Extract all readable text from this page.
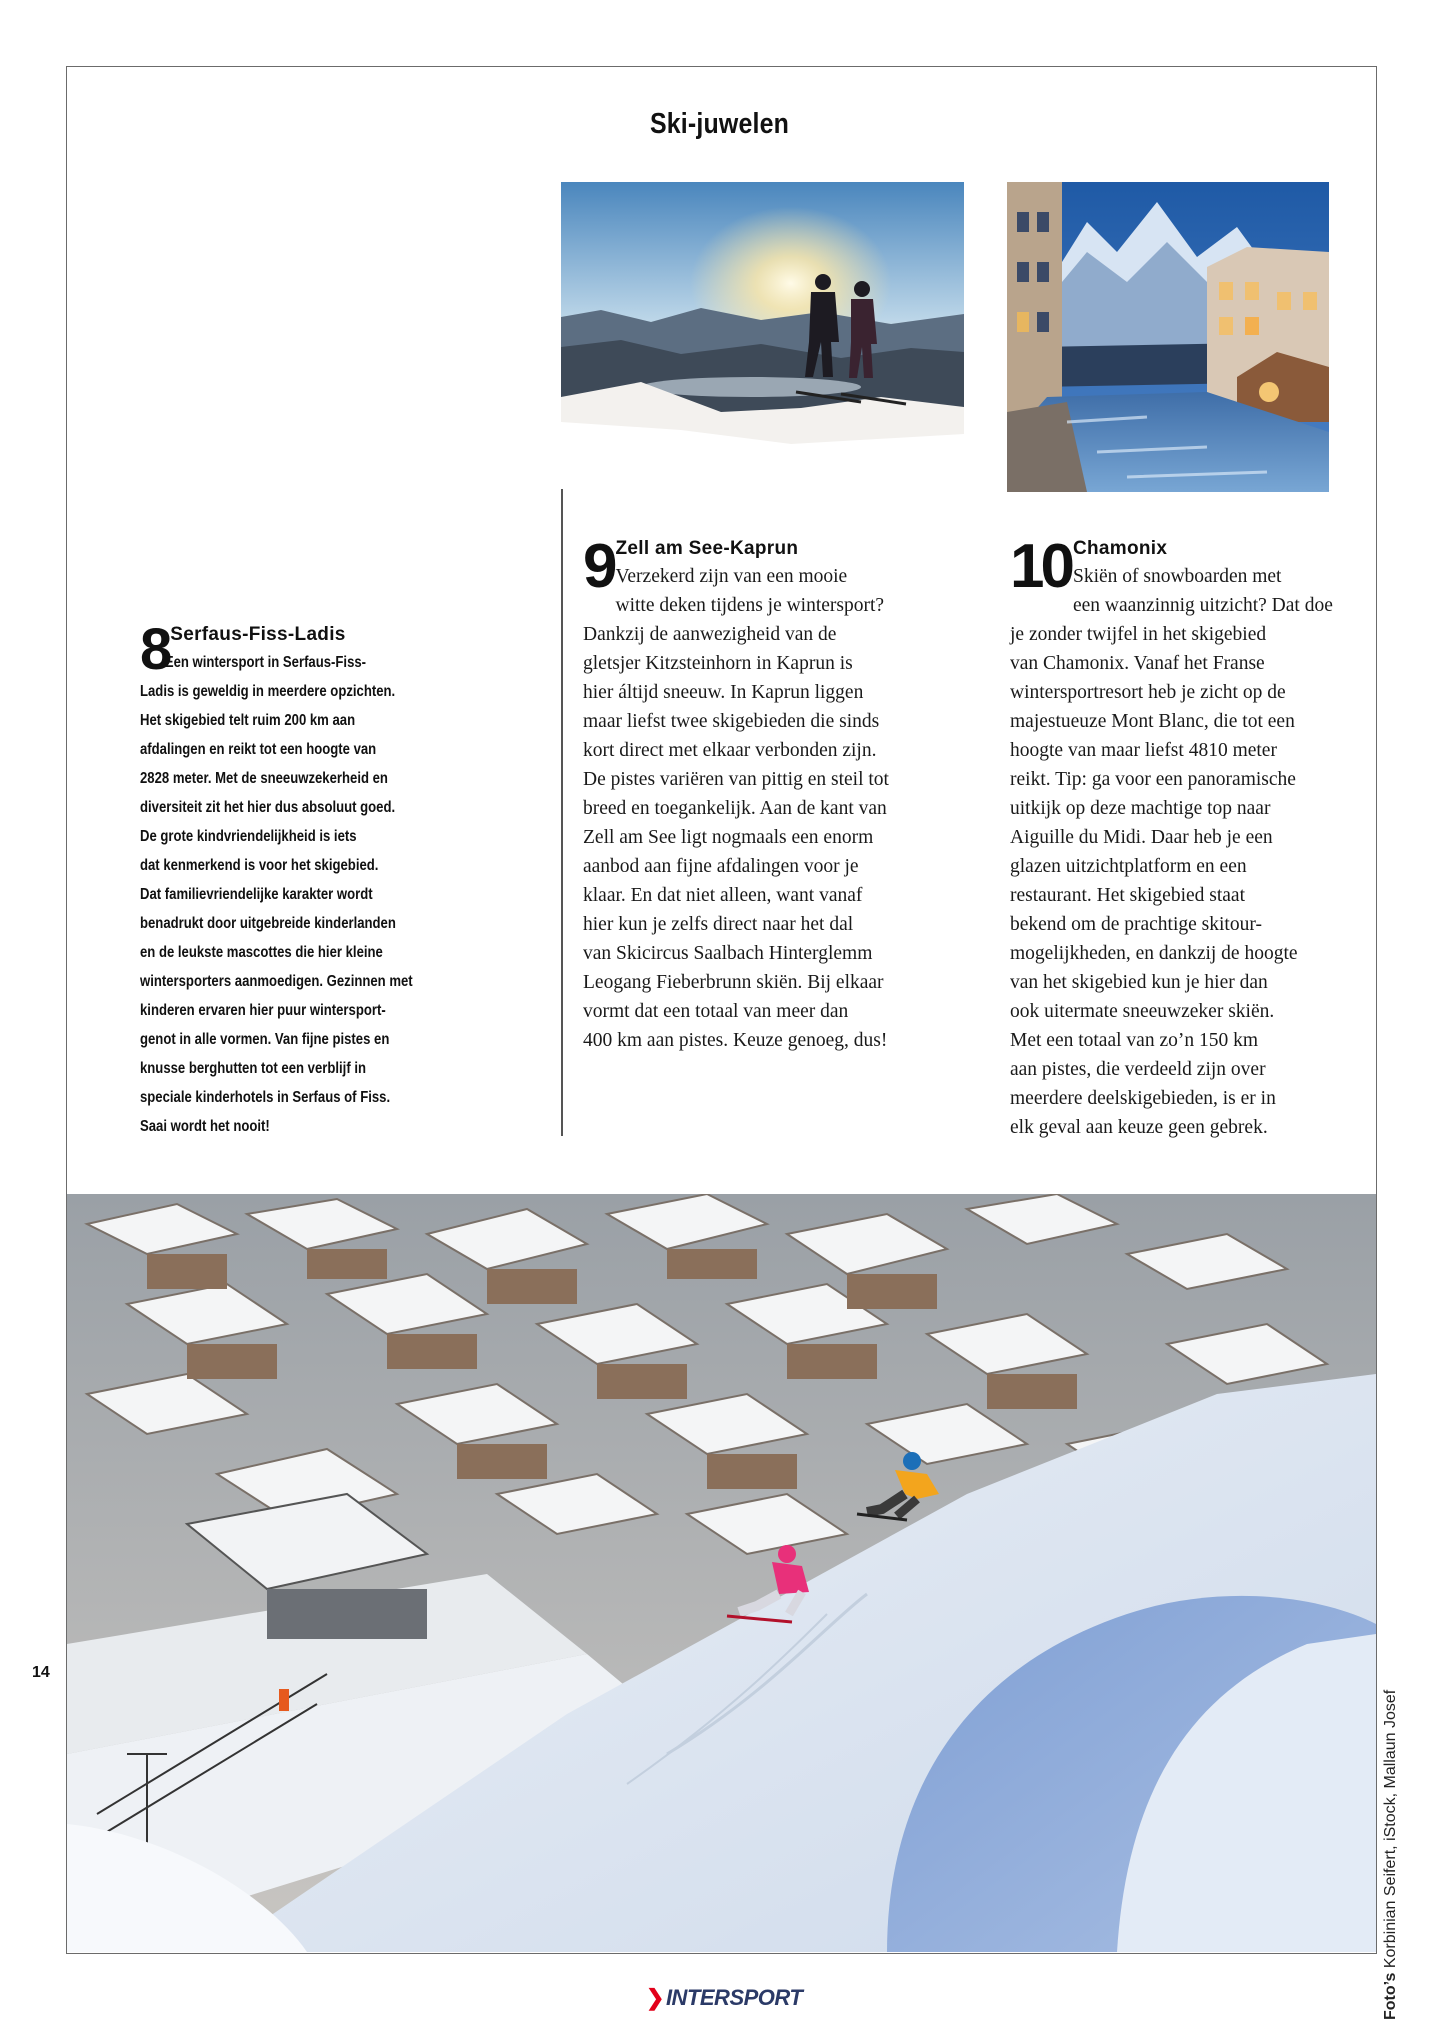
Ski-juwelen
8 Serfaus-Fiss-Ladis
Een wintersport in Serfaus-Fiss-
Ladis is geweldig in meerdere opzichten.
Het skigebied telt ruim 200 km aan
afdalingen en reikt tot een hoogte van
2828 meter. Met de sneeuwzekerheid en
diversiteit zit het hier dus absoluut goed.
De grote kindvriendelijkheid is iets
dat kenmerkend is voor het skigebied.
Dat familievriendelijke karakter wordt
benadrukt door uitgebreide kinderlanden
en de leukste mascottes die hier kleine
wintersporters aanmoedigen. Gezinnen met
kinderen ervaren hier puur wintersport-
genot in alle vormen. Van fijne pistes en
knusse berghutten tot een verblijf in
speciale kinderhotels in Serfaus of Fiss.
Saai wordt het nooit!
9 Zell am See-Kaprun
Verzekerd zijn van een mooie
witte deken tijdens je wintersport?
Dankzij de aanwezigheid van de
gletsjer Kitzsteinhorn in Kaprun is
hier áltijd sneeuw. In Kaprun liggen
maar liefst twee skigebieden die sinds
kort direct met elkaar verbonden zijn.
De pistes variëren van pittig en steil tot
breed en toegankelijk. Aan de kant van
Zell am See ligt nogmaals een enorm
aanbod aan fijne afdalingen voor je
klaar. En dat niet alleen, want vanaf
hier kun je zelfs direct naar het dal
van Skicircus Saalbach Hinterglemm
Leogang Fieberbrunn skiën. Bij elkaar
vormt dat een totaal van meer dan
400 km aan pistes. Keuze genoeg, dus!
10 Chamonix
Skiën of snowboarden met
een waanzinnig uitzicht? Dat doe
je zonder twijfel in het skigebied
van Chamonix. Vanaf het Franse
wintersportresort heb je zicht op de
majestueuze Mont Blanc, die tot een
hoogte van maar liefst 4810 meter
reikt. Tip: ga voor een panoramische
uitkijk op deze machtige top naar
Aiguille du Midi. Daar heb je een
glazen uitzichtplatform en een
restaurant. Het skigebied staat
bekend om de prachtige skitour-
mogelijkheden, en dankzij de hoogte
van het skigebied kun je hier dan
ook uitermate sneeuwzeker skiën.
Met een totaal van zo’n 150 km
aan pistes, die verdeeld zijn over
meerdere deelskigebieden, is er in
elk geval aan keuze geen gebrek.
14
Foto’s Korbinian Seifert, iStock, Mallaun Josef
❯INTERSPORT
